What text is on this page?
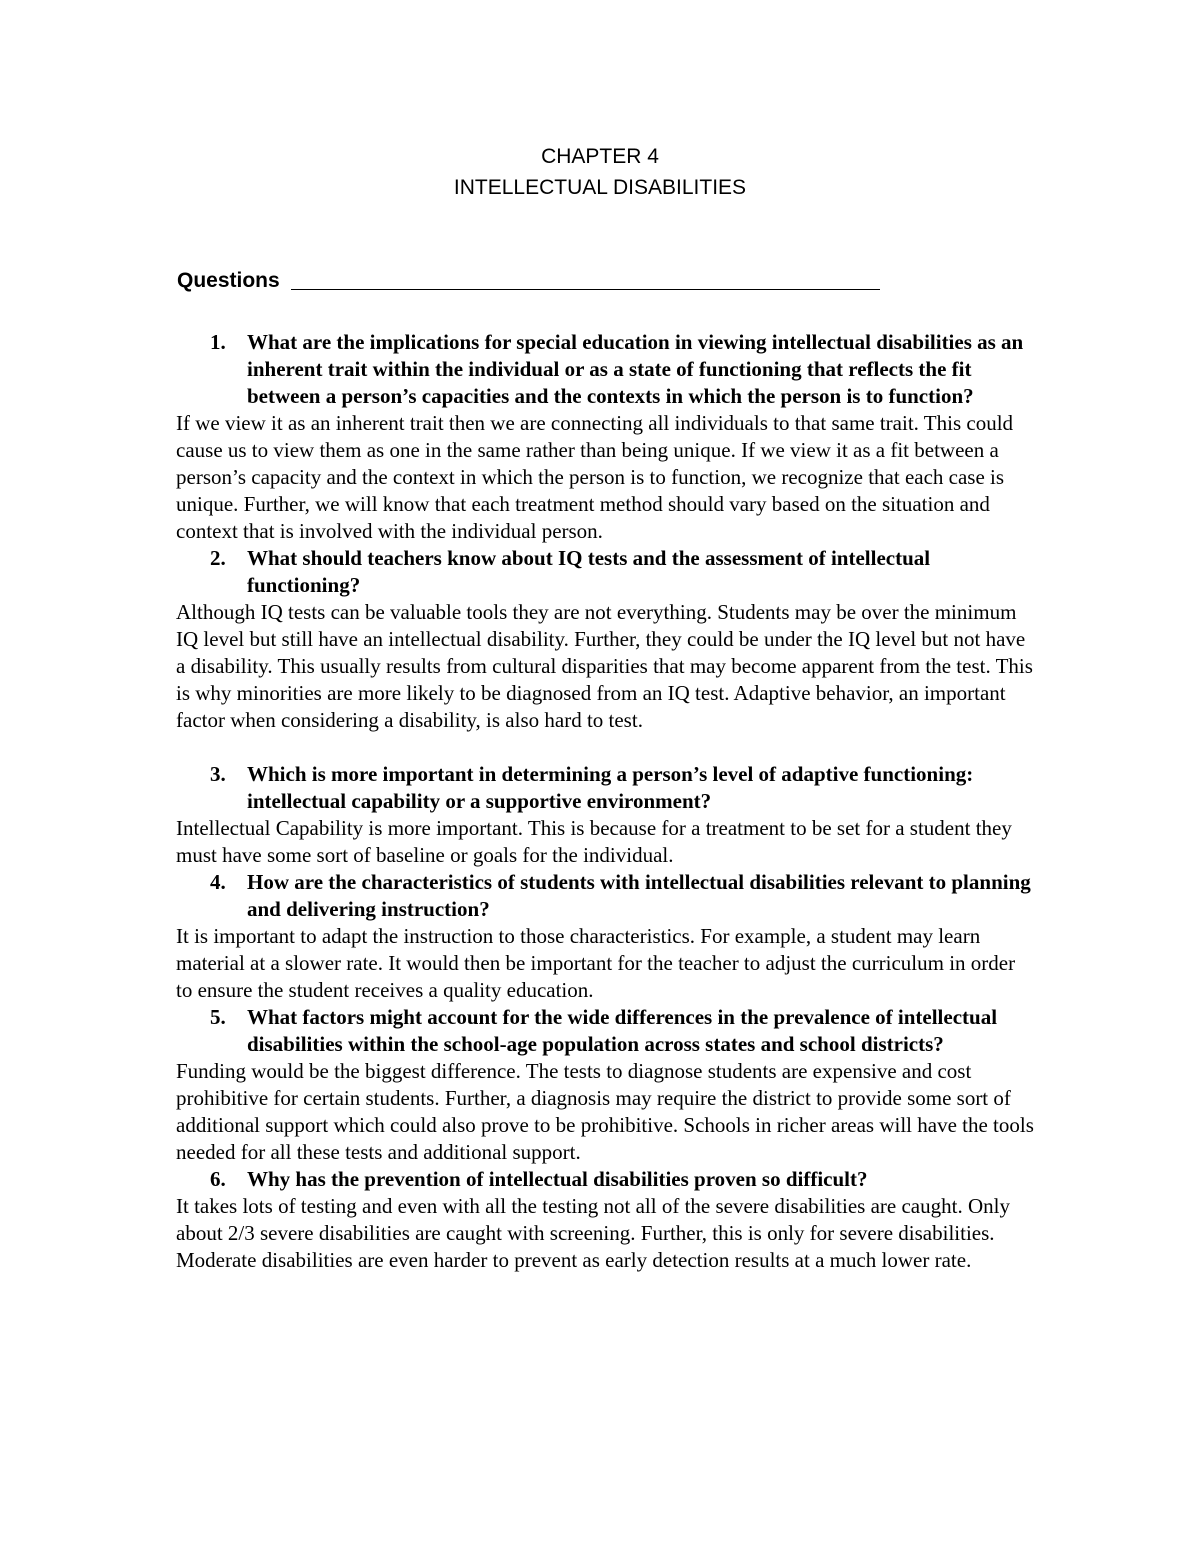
CHAPTER 4
INTELLECTUAL DISABILITIES
Questions
1. What are the implications for special education in viewing intellectual disabilities as an inherent trait within the individual or as a state of functioning that reflects the fit between a person’s capacities and the contexts in which the person is to function?

If we view it as an inherent trait then we are connecting all individuals to that same trait. This could cause us to view them as one in the same rather than being unique. If we view it as a fit between a person’s capacity and the context in which the person is to function, we recognize that each case is unique. Further, we will know that each treatment method should vary based on the situation and context that is involved with the individual person.

2. What should teachers know about IQ tests and the assessment of intellectual functioning?

Although IQ tests can be valuable tools they are not everything. Students may be over the minimum IQ level but still have an intellectual disability. Further, they could be under the IQ level but not have a disability. This usually results from cultural disparities that may become apparent from the test. This is why minorities are more likely to be diagnosed from an IQ test. Adaptive behavior, an important factor when considering a disability, is also hard to test.

3. Which is more important in determining a person’s level of adaptive functioning: intellectual capability or a supportive environment?

Intellectual Capability is more important. This is because for a treatment to be set for a student they must have some sort of baseline or goals for the individual.

4. How are the characteristics of students with intellectual disabilities relevant to planning and delivering instruction?

It is important to adapt the instruction to those characteristics. For example, a student may learn material at a slower rate. It would then be important for the teacher to adjust the curriculum in order to ensure the student receives a quality education.

5. What factors might account for the wide differences in the prevalence of intellectual disabilities within the school-age population across states and school districts?

Funding would be the biggest difference. The tests to diagnose students are expensive and cost prohibitive for certain students. Further, a diagnosis may require the district to provide some sort of additional support which could also prove to be prohibitive. Schools in richer areas will have the tools needed for all these tests and additional support.

6. Why has the prevention of intellectual disabilities proven so difficult?

It takes lots of testing and even with all the testing not all of the severe disabilities are caught. Only about 2/3 severe disabilities are caught with screening. Further, this is only for severe disabilities. Moderate disabilities are even harder to prevent as early detection results at a much lower rate.
